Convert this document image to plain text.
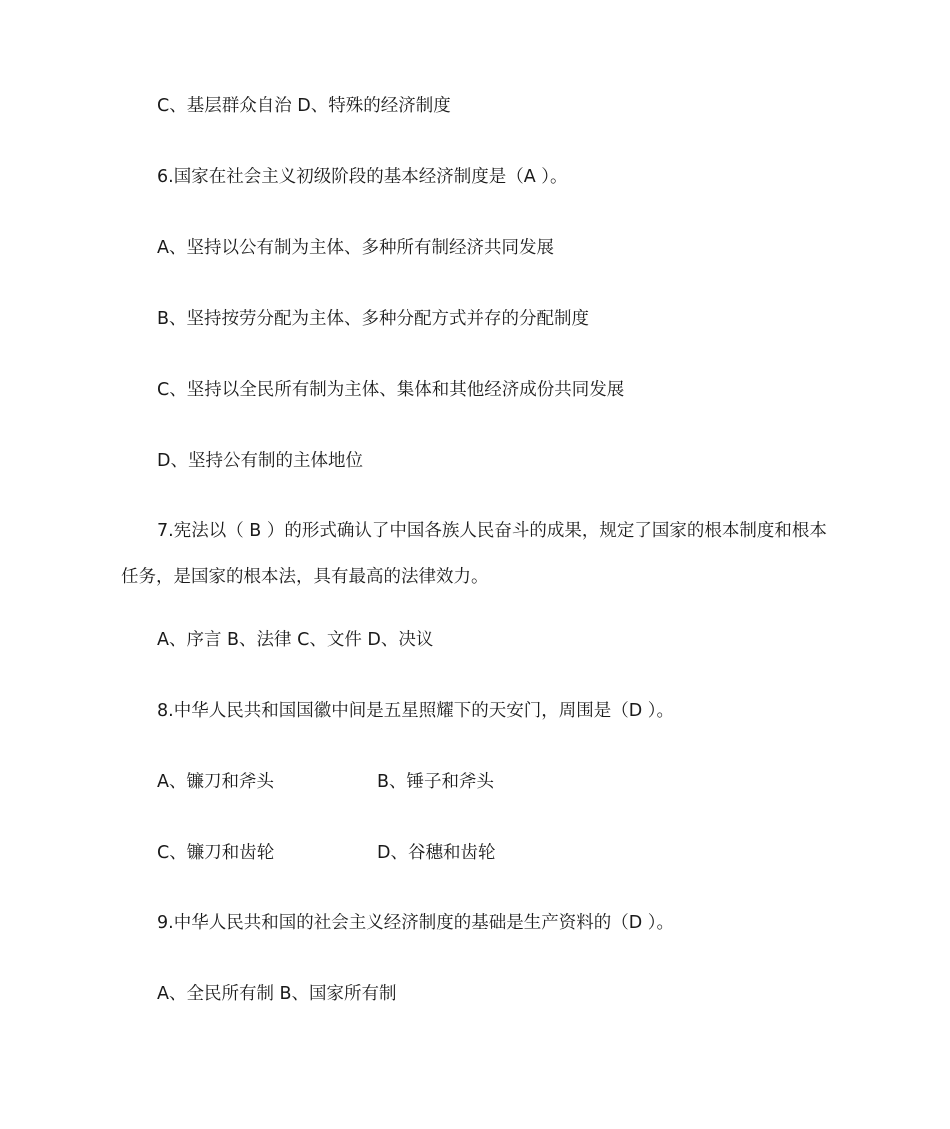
C、基层群众自治 D、特殊的经济制度
6.国家在社会主义初级阶段的基本经济制度是（A ）。
A、坚持以公有制为主体、多种所有制经济共同发展
B、坚持按劳分配为主体、多种分配方式并存的分配制度
C、坚持以全民所有制为主体、集体和其他经济成份共同发展
D、坚持公有制的主体地位
7.宪法以（ B ）的形式确认了中国各族人民奋斗的成果，规定了国家的根本制度和根本任务，是国家的根本法，具有最高的法律效力。
A、序言 B、法律 C、文件 D、决议
8.中华人民共和国国徽中间是五星照耀下的天安门，周围是（D ）。
A、镰刀和斧头	B、锤子和斧头
C、镰刀和齿轮	D、谷穗和齿轮
9.中华人民共和国的社会主义经济制度的基础是生产资料的（D ）。
A、全民所有制 B、国家所有制
